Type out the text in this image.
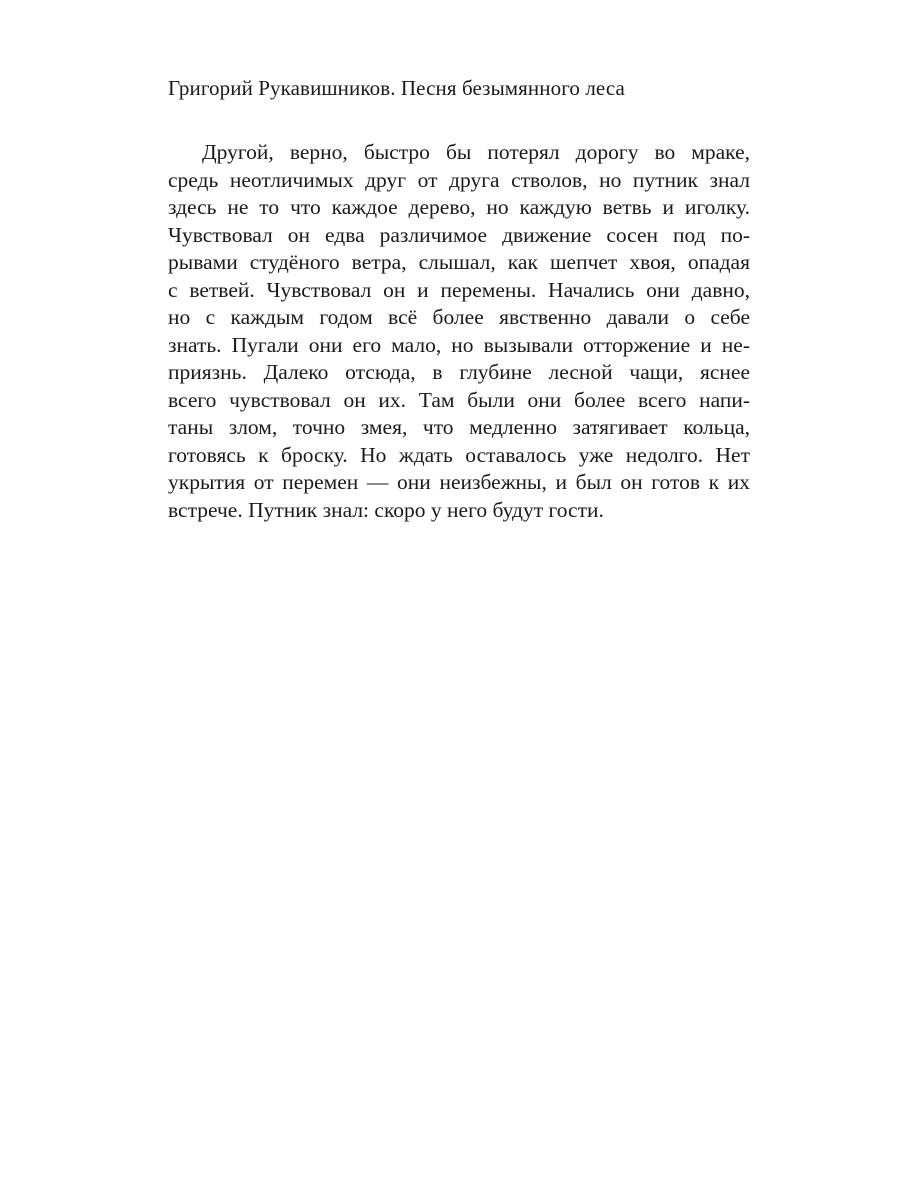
Григорий Рукавишников. Песня безымянного леса
Другой, верно, быстро бы потерял дорогу во мраке,
средь неотличимых друг от друга стволов, но путник знал
здесь не то что каждое дерево, но каждую ветвь и иголку.
Чувствовал он едва различимое движение сосен под по-
рывами студёного ветра, слышал, как шепчет хвоя, опадая
с ветвей. Чувствовал он и перемены. Начались они давно,
но с каждым годом всё более явственно давали о себе
знать. Пугали они его мало, но вызывали отторжение и не-
приязнь. Далеко отсюда, в глубине лесной чащи, яснее
всего чувствовал он их. Там были они более всего напи-
таны злом, точно змея, что медленно затягивает кольца,
готовясь к броску. Но ждать оставалось уже недолго. Нет
укрытия от перемен — они неизбежны, и был он готов к их
встрече. Путник знал: скоро у него будут гости.
